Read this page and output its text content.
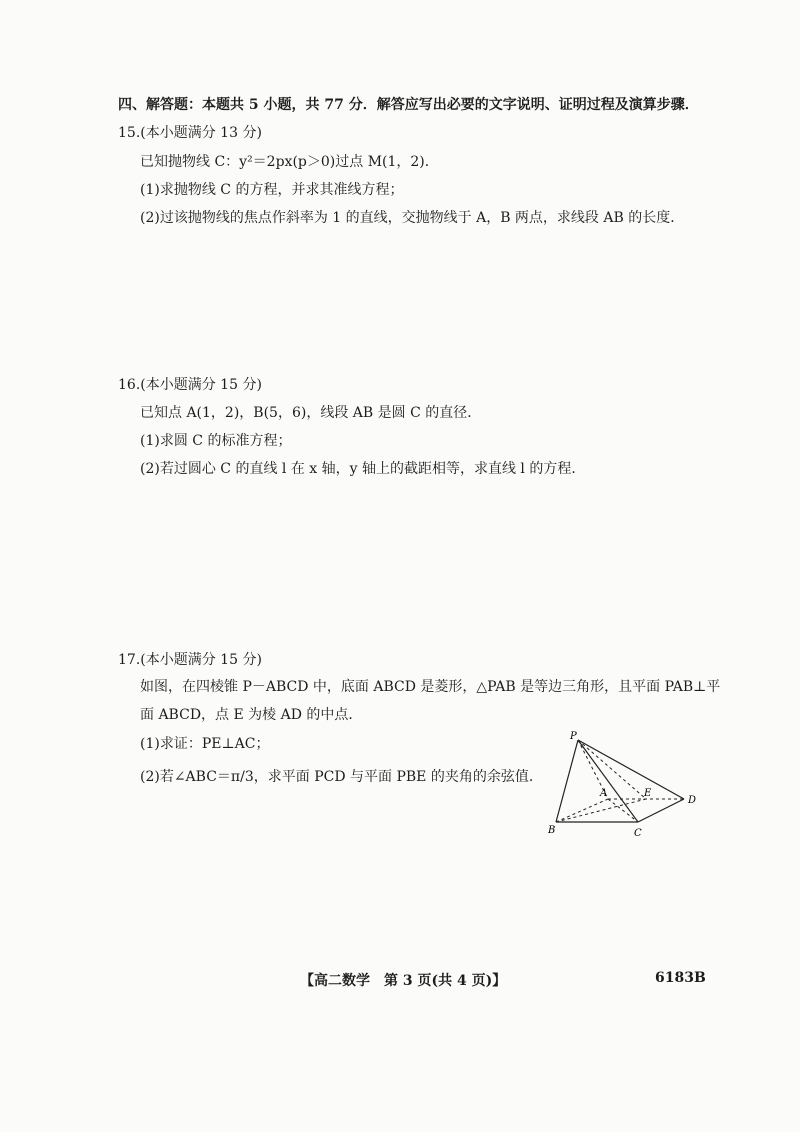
四、解答题：本题共 5 小题，共 77 分．解答应写出必要的文字说明、证明过程及演算步骤．
15.(本小题满分 13 分)
已知抛物线 C：y²＝2px(p＞0)过点 M(1，2)．
(1)求抛物线 C 的方程，并求其准线方程；
(2)过该抛物线的焦点作斜率为 1 的直线，交抛物线于 A，B 两点，求线段 AB 的长度．
16.(本小题满分 15 分)
已知点 A(1，2)，B(5，6)，线段 AB 是圆 C 的直径．
(1)求圆 C 的标准方程；
(2)若过圆心 C 的直线 l 在 x 轴，y 轴上的截距相等，求直线 l 的方程．
17.(本小题满分 15 分)
如图，在四棱锥 P－ABCD 中，底面 ABCD 是菱形，△PAB 是等边三角形，且平面 PAB⊥平
面 ABCD，点 E 为棱 AD 的中点．
(1)求证：PE⊥AC；
(2)若∠ABC＝π/3，求平面 PCD 与平面 PBE 的夹角的余弦值．
P
A
B	C
D
E
【高二数学　第 3 页(共 4 页)】	6183B
